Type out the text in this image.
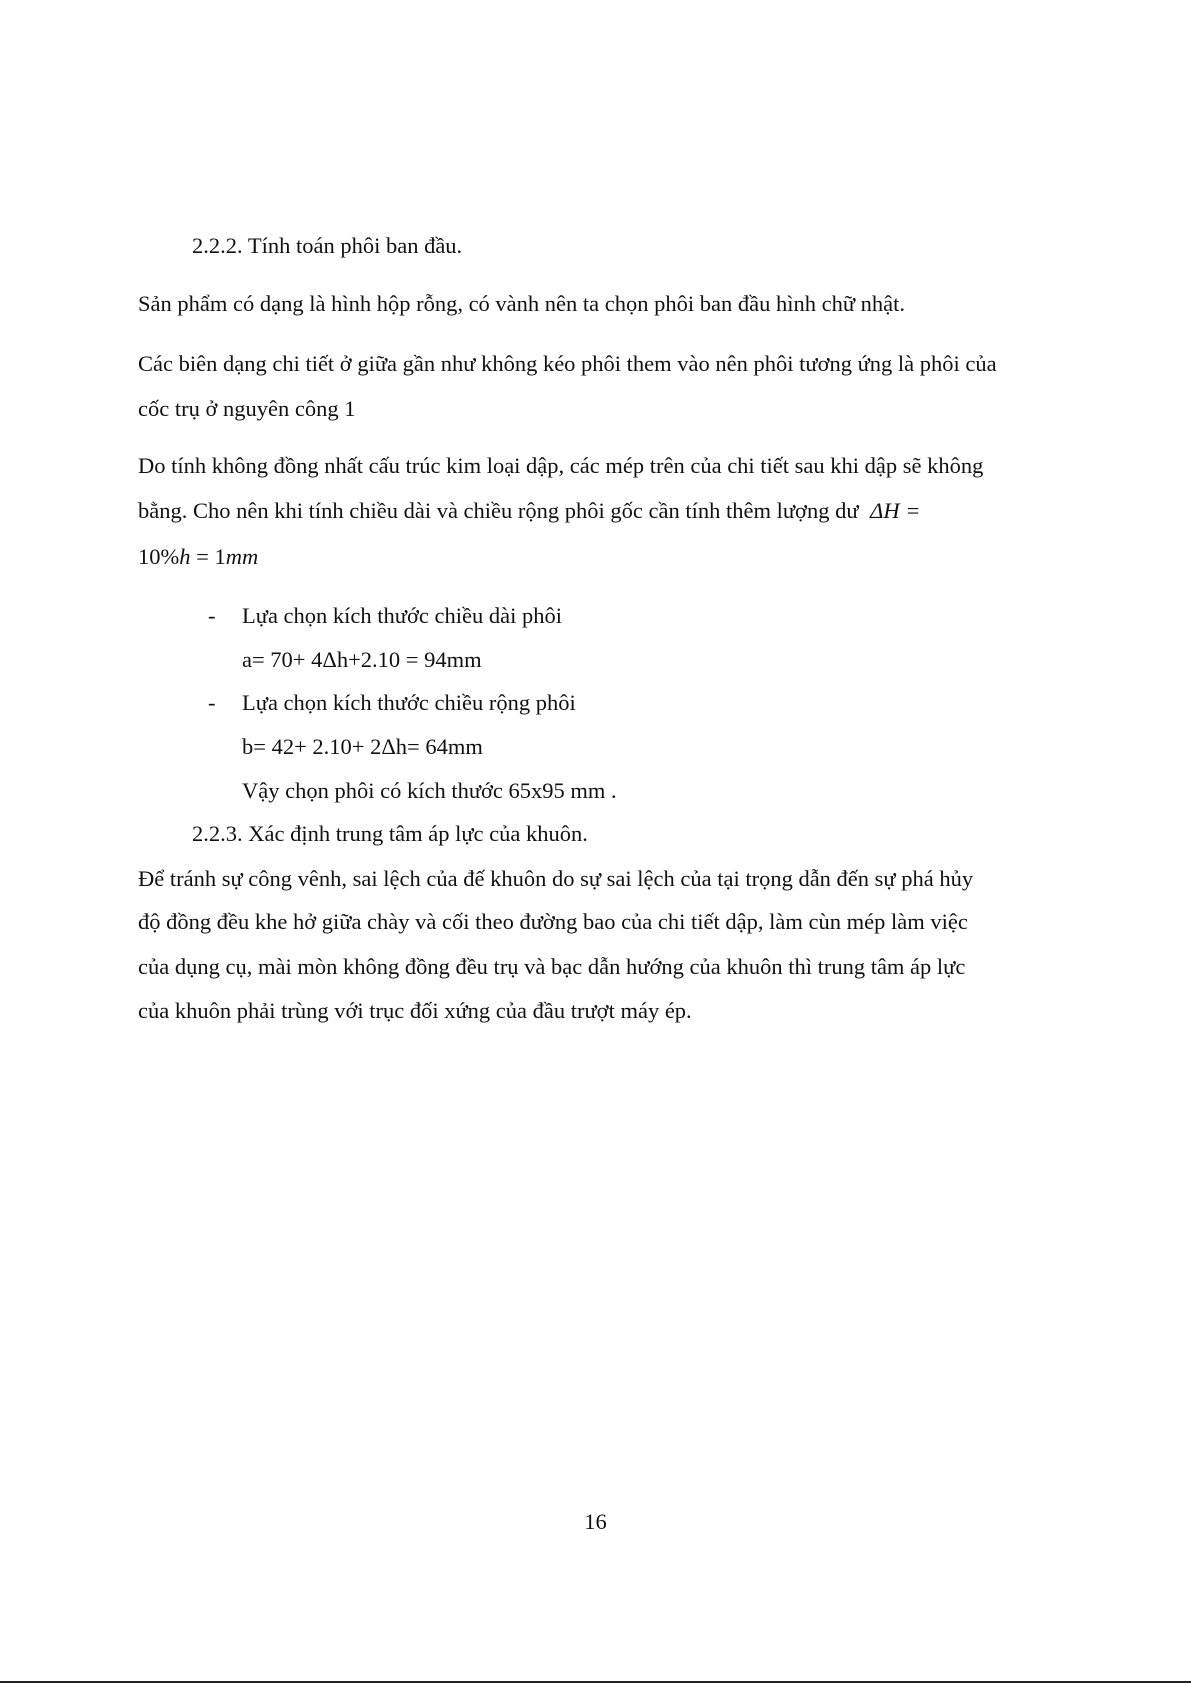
2.2.2. Tính toán phôi ban đầu.
Sản phẩm có dạng là hình hộp rỗng, có vành nên ta chọn phôi ban đầu hình chữ nhật.
Các biên dạng chi tiết ở giữa gần như không kéo phôi them vào nên phôi tương ứng là phôi của
cốc trụ ở nguyên công 1
Do tính không đồng nhất cấu trúc kim loại dập, các mép trên của chi tiết sau khi dập sẽ không
bằng. Cho nên khi tính chiều dài và chiều rộng phôi gốc cần tính thêm lượng dư ΔH =
10%h = 1mm
- Lựa chọn kích thước chiều dài phôi
a= 70+ 4Δh+2.10 = 94mm
- Lựa chọn kích thước chiều rộng phôi
b= 42+ 2.10+ 2Δh= 64mm
Vậy chọn phôi có kích thước 65x95 mm .
2.2.3. Xác định trung tâm áp lực của khuôn.
Để tránh sự công vênh, sai lệch của đế khuôn do sự sai lệch của tại trọng dẫn đến sự phá hủy
độ đồng đều khe hở giữa chày và cối theo đường bao của chi tiết dập, làm cùn mép làm việc
của dụng cụ, mài mòn không đồng đều trụ và bạc dẫn hướng của khuôn thì trung tâm áp lực
của khuôn phải trùng với trục đối xứng của đầu trượt máy ép.
16
